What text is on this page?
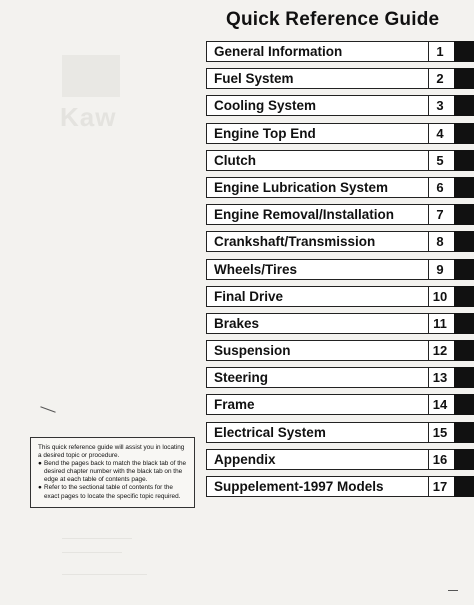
Kaw
Quick Reference Guide
General Information	1
Fuel System	2
Cooling System	3
Engine Top End	4
Clutch	5
Engine Lubrication System	6
Engine Removal/Installation	7
Crankshaft/Transmission	8
Wheels/Tires	9
Final Drive	10
Brakes	11
Suspension	12
Steering	13
Frame	14
Electrical System	15
Appendix	16
Suppelement-1997 Models	17

This quick reference guide will assist you in locating a desired topic or procedure.

● Bend the pages back to match the black tab of the desired chapter number with the black tab on the edge at each table of contents page.
● Refer to the sectional table of contents for the exact pages to locate the specific topic required.
